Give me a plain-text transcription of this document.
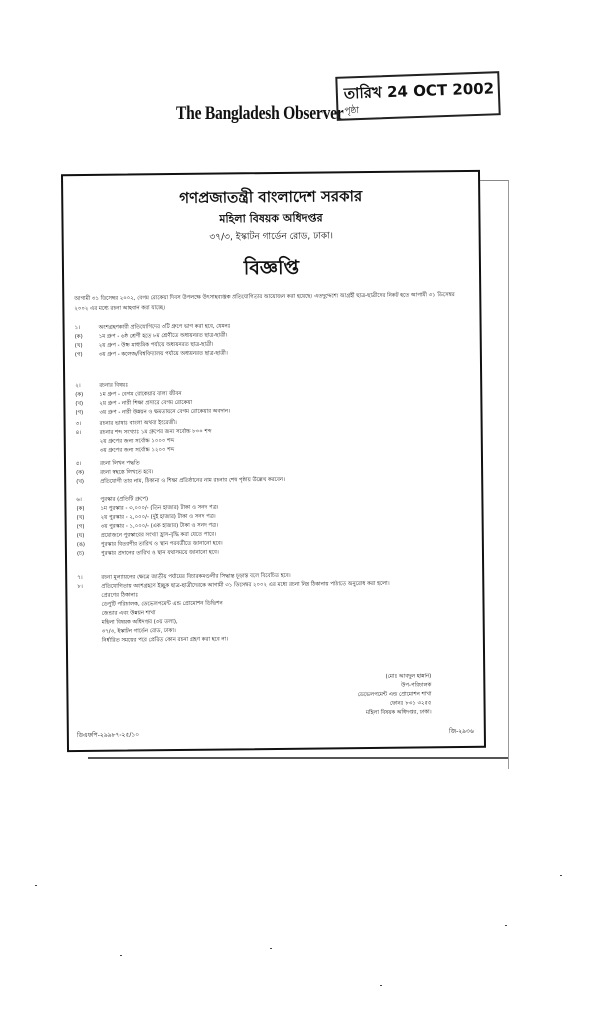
The Bangladesh Observer
তারিখ 24 OCT 2002
পৃষ্ঠা
গণপ্রজাতন্ত্রী বাংলাদেশ সরকার
মহিলা বিষয়ক অধিদপ্তর
৩৭/৩, ইস্কাটন গার্ডেন রোড, ঢাকা।
বিজ্ঞপ্তি
আগামী ৩১ ডিসেম্বর ২০০২, বেগম রোকেয়া দিবস উপলক্ষে উৎসাহব্যঞ্জক প্রতিযোগিতার আয়োজন করা হয়েছে। এতদুদ্দেশ্যে আগ্রহী ছাত্র-ছাত্রীদের নিকট হতে আগামী ৩১ ডিসেম্বর ২০০২ এর মধ্যে রচনা আহবান করা যাচ্ছে।
১।	অংশগ্রহণকারী প্রতিযোগিদের ৩টি গ্রুপে ভাগ করা হবে, যেমনঃ
(ক)	১ম গ্রুপ - ৬ষ্ঠ শ্রেণী হতে ৮ম শ্রেণীতে অধ্যয়নরত ছাত্র-ছাত্রী।
(খ)	২য় গ্রুপ - উচ্চ মাধ্যমিক পর্যায়ে অধ্যয়নরত ছাত্র-ছাত্রী।
(গ)	৩য় গ্রুপ - কলেজ/বিশ্ববিদ্যালয় পর্যায়ে অধ্যয়নরত ছাত্র-ছাত্রী।
২।	রচনার বিষয়ঃ
(ক)	১ম গ্রুপ - বেগম রোকেয়ার বাল্য জীবন
(খ)	২য় গ্রুপ - নারী শিক্ষা প্রসারে বেগম রোকেয়া
(গ)	৩য় গ্রুপ - নারী উন্নয়ন ও ক্ষমতায়নে বেগম রোকেয়ার অবদান।
৩।	রচনার ভাষাঃ বাংলা অথবা ইংরেজী।
৪।	রচনার শব্দ সংখ্যাঃ ১ম গ্রুপের জন্য সর্বোচ্চ ৮০০ শব্দ
২য় গ্রুপের জন্য সর্বোচ্চ ১০০০ শব্দ
৩য় গ্রুপের জন্য সর্বোচ্চ ১২০০ শব্দ
৫।	রচনা লিখন পদ্ধতি
(ক)	রচনা স্বহস্তে লিখতে হবে।
(খ)	প্রতিযোগী তার নাম, ঠিকানা ও শিক্ষা প্রতিষ্ঠানের নাম রচনার শেষ পৃষ্ঠায় উল্লেখ করবেন।
৬।	পুরস্কার (প্রতিটি গ্রুপে)
(ক)	১ম পুরস্কার - ৩,০০০/- (তিন হাজার) টাকা ও সনদ পত্র।
(খ)	২য় পুরস্কার - ২,০০০/- (দুই হাজার) টাকা ও সনদ পত্র।
(গ)	৩য় পুরস্কার - ১,০০০/- (এক হাজার) টাকা ও সনদ পত্র।
(ঘ)	প্রয়োজনে পুরস্কারের সংখ্যা হ্রাস-বৃদ্ধি করা যেতে পারে।
(ঙ)	পুরস্কার বিতরণীর তারিখ ও স্থান পরবর্তীতে জানানো হবে।
(চ)	পুরস্কার প্রদানের তারিখ ও স্থান যথাসময়ে জানানো হবে।
৭।	রচনা মূল্যায়নের ক্ষেত্রে জাতীয় পর্যায়ের বিচারকমণ্ডলীর সিদ্ধান্ত চূড়ান্ত বলে বিবেচিত হবে।
৮।	প্রতিযোগিতায় অংশগ্রহণে ইচ্ছুক ছাত্র-ছাত্রীদেরকে আগামী ৩১ ডিসেম্বর ২০০২ এর মধ্যে রচনা নিম্ন ঠিকানায় পাঠাতে অনুরোধ করা হলো।
প্রেরণের ঠিকানাঃ
ডেপুটি পরিচালক, ডেভেলপমেন্ট এন্ড প্রোমোশন ডিভিশন
জেন্ডার এবং উন্নয়ন শাখা
মহিলা বিষয়ক অধিদপ্তর (৩য় তলা),
৩৭/৩, ইস্কাটন গার্ডেন রোড, ঢাকা।
নির্ধারিত সময়ের পরে প্রেরিত কোন রচনা গ্রহণ করা হবে না।
(মোঃ আবদুল হান্নান)
উপ-পরিচালক
ডেভেলপমেন্ট এন্ড প্রোমোশন শাখা
ফোনঃ ৮৩১ ৩২৫৫
মহিলা বিষয়ক অধিদপ্তর, ঢাকা।
ডিএফপি-২৯৯৮৭-২৫/১০	জি-২৯৩৬
